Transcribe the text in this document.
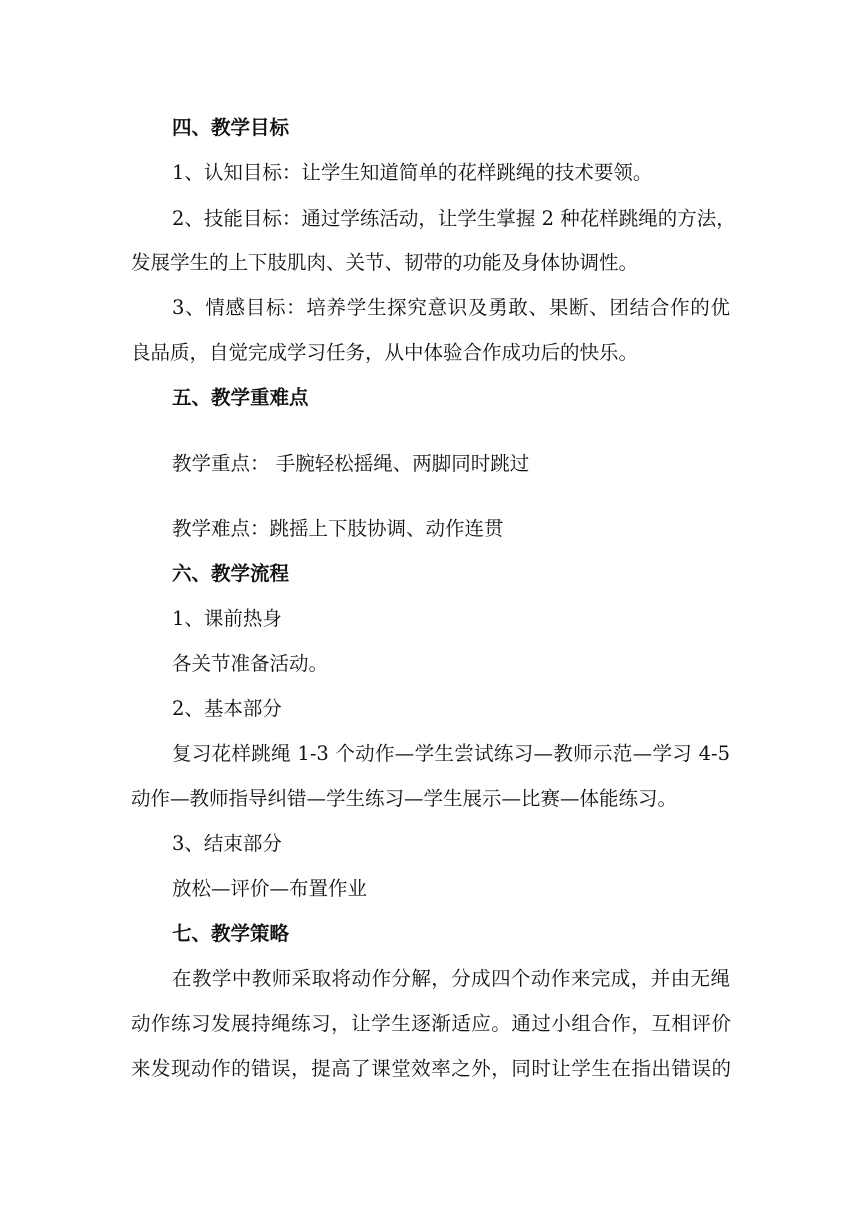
四、教学目标
1、认知目标：让学生知道简单的花样跳绳的技术要领。
2、技能目标：通过学练活动，让学生掌握 2 种花样跳绳的方法，
发展学生的上下肢肌肉、关节、韧带的功能及身体协调性。
3、情感目标：培养学生探究意识及勇敢、果断、团结合作的优
良品质，自觉完成学习任务，从中体验合作成功后的快乐。
五、教学重难点
教学重点： 手腕轻松摇绳、两脚同时跳过
教学难点：跳摇上下肢协调、动作连贯
六、教学流程
1、课前热身
各关节准备活动。
2、基本部分
复习花样跳绳 1-3 个动作—学生尝试练习—教师示范—学习 4-5
动作—教师指导纠错—学生练习—学生展示—比赛—体能练习。
3、结束部分
放松—评价—布置作业
七、教学策略
在教学中教师采取将动作分解，分成四个动作来完成，并由无绳
动作练习发展持绳练习，让学生逐渐适应。通过小组合作，互相评价
来发现动作的错误，提高了课堂效率之外，同时让学生在指出错误的
